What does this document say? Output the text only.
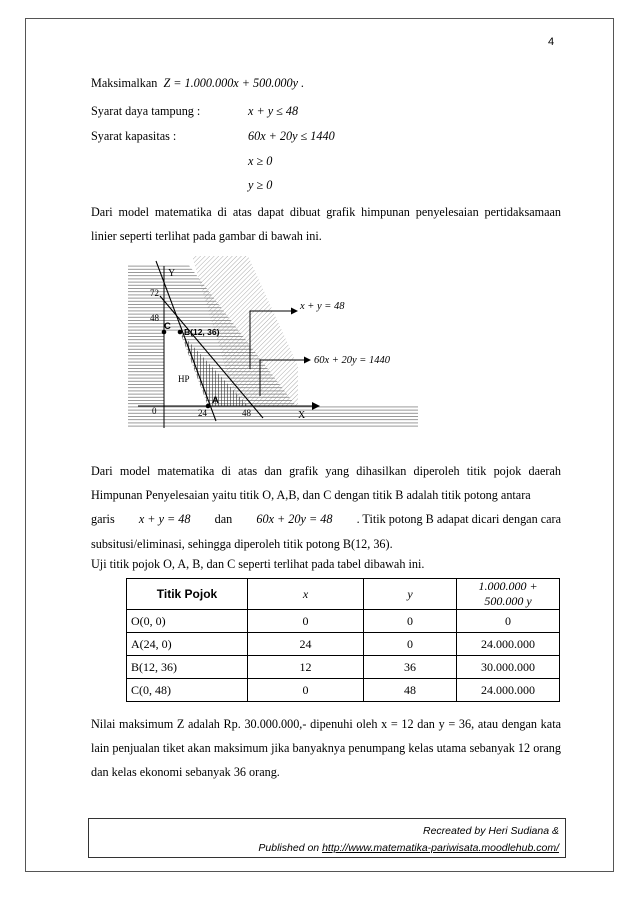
4
Maksimalkan Z = 1.000.000x + 500.000y .
Syarat daya tampung :	x + y ≤ 48
Syarat kapasitas :	60x + 20y ≤ 1440
x ≥ 0
y ≥ 0
Dari model matematika di atas dapat dibuat grafik himpunan penyelesaian pertidaksamaan linier seperti terlihat pada gambar di bawah ini.
Y
X
72
48
24	48
0
C B(12, 36)
A
HP
x + y = 48
60x + 20y = 1440
Dari model matematika di atas dan grafik yang dihasilkan diperoleh titik pojok daerah Himpunan Penyelesaian yaitu titik O, A,B, dan C dengan titik B adalah titik potong antara
garis x + y = 48 dan 60x + 20y = 48 . Titik potong B adapat dicari dengan cara
subsitusi/eliminasi, sehingga diperoleh titik potong B(12, 36).
Uji titik pojok O, A, B, dan C seperti terlihat pada tabel dibawah ini.
Titik Pojok	x	y	1.000.000 + 500.000 y
O(0, 0)	0	0	0
A(24, 0)	24	0	24.000.000
B(12, 36)	12	36	30.000.000
C(0, 48)	0	48	24.000.000
Nilai maksimum Z adalah Rp. 30.000.000,- dipenuhi oleh x = 12 dan y = 36, atau dengan kata lain penjualan tiket akan maksimum jika banyaknya penumpang kelas utama sebanyak 12 orang dan kelas ekonomi sebanyak 36 orang.
Recreated by Heri Sudiana &
Published on http://www.matematika-pariwisata.moodlehub.com/
